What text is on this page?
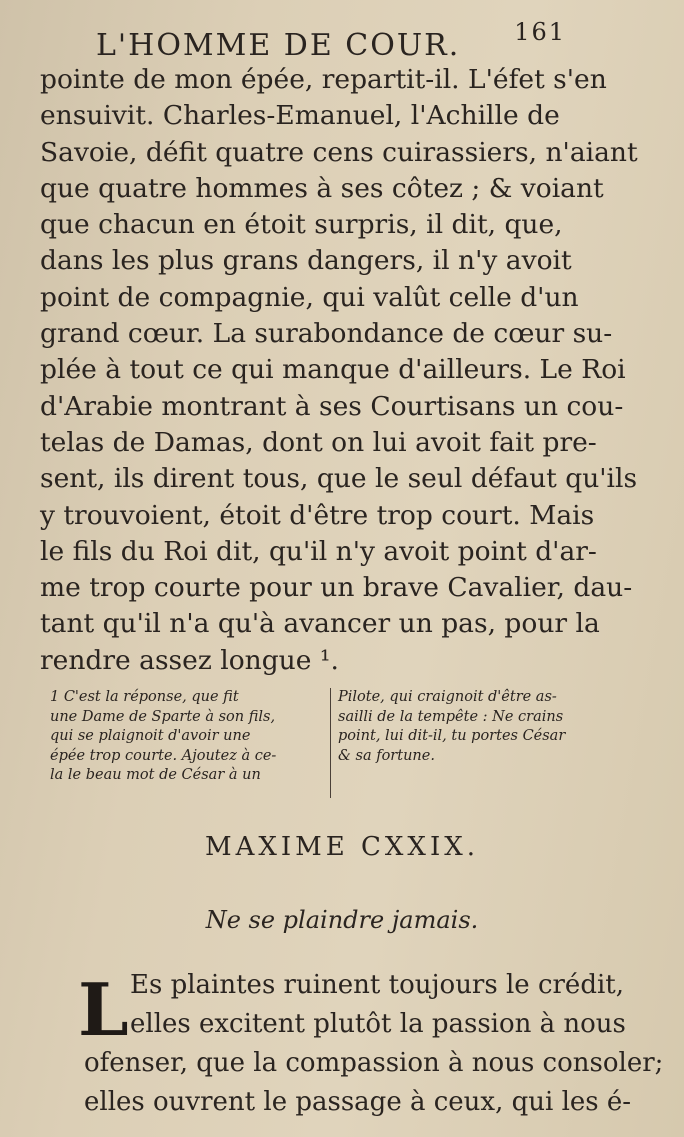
L'HOMME DE COUR. 161
pointe de mon épée, repartit-il. L'éfet s'en
ensuivit. Charles-Emanuel, l'Achille de
Savoie, défit quatre cens cuirassiers, n'aiant
que quatre hommes à ses côtez ; & voiant
que chacun en étoit surpris, il dit, que,
dans les plus grans dangers, il n'y avoit
point de compagnie, qui valût celle d'un
grand cœur. La surabondance de cœur su-
plée à tout ce qui manque d'ailleurs. Le Roi
d'Arabie montrant à ses Courtisans un cou-
telas de Damas, dont on lui avoit fait pre-
sent, ils dirent tous, que le seul défaut qu'ils
y trouvoient, étoit d'être trop court. Mais
le fils du Roi dit, qu'il n'y avoit point d'ar-
me trop courte pour un brave Cavalier, dau-
tant qu'il n'a qu'à avancer un pas, pour la
rendre assez longue ¹.
1 C'est la réponse, que fit
une Dame de Sparte à son fils,
qui se plaignoit d'avoir une
épée trop courte. Ajoutez à ce-
la le beau mot de César à un
Pilote, qui craignoit d'être as-
sailli de la tempête : Ne crains
point, lui dit-il, tu portes César
& sa fortune.
MAXIME CXXIX.
Ne se plaindre jamais.
L Es plaintes ruinent toujours le crédit,
elles excitent plutôt la passion à nous
ofenser, que la compassion à nous consoler;
elles ouvrent le passage à ceux, qui les é-
